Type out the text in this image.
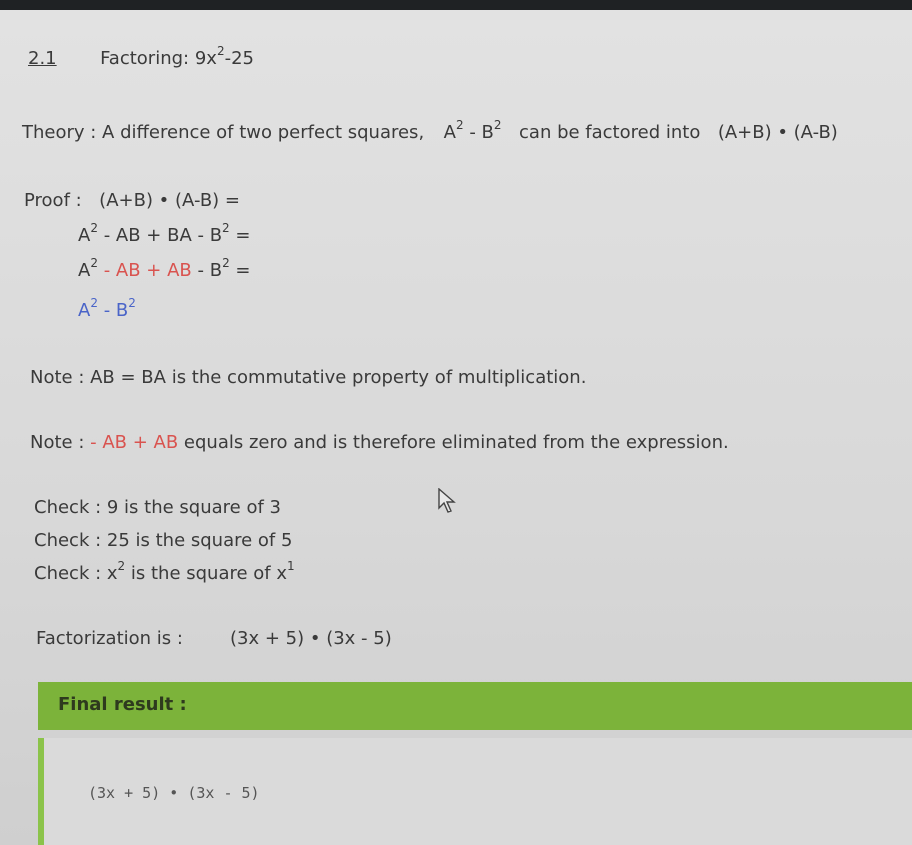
2.1 Factoring: $9x^2-25$
Theory : A difference of two perfect squares, $A^2 - B^2$ can be factored into (A+B) • (A-B)
Proof : (A+B) • (A-B) =
$A^2$ - AB + BA - $B^2$ =
$A^2$ - AB + AB - $B^2$ =
$A^2 - B^2$
Note : AB = BA is the commutative property of multiplication.
Note : - AB + AB equals zero and is therefore eliminated from the expression.
Check : 9 is the square of 3
Check : 25 is the square of 5
Check : $x^2$ is the square of $x^1$
Factorization is :	(3x + 5) • (3x - 5)
Final result :
(3x + 5) • (3x - 5)
